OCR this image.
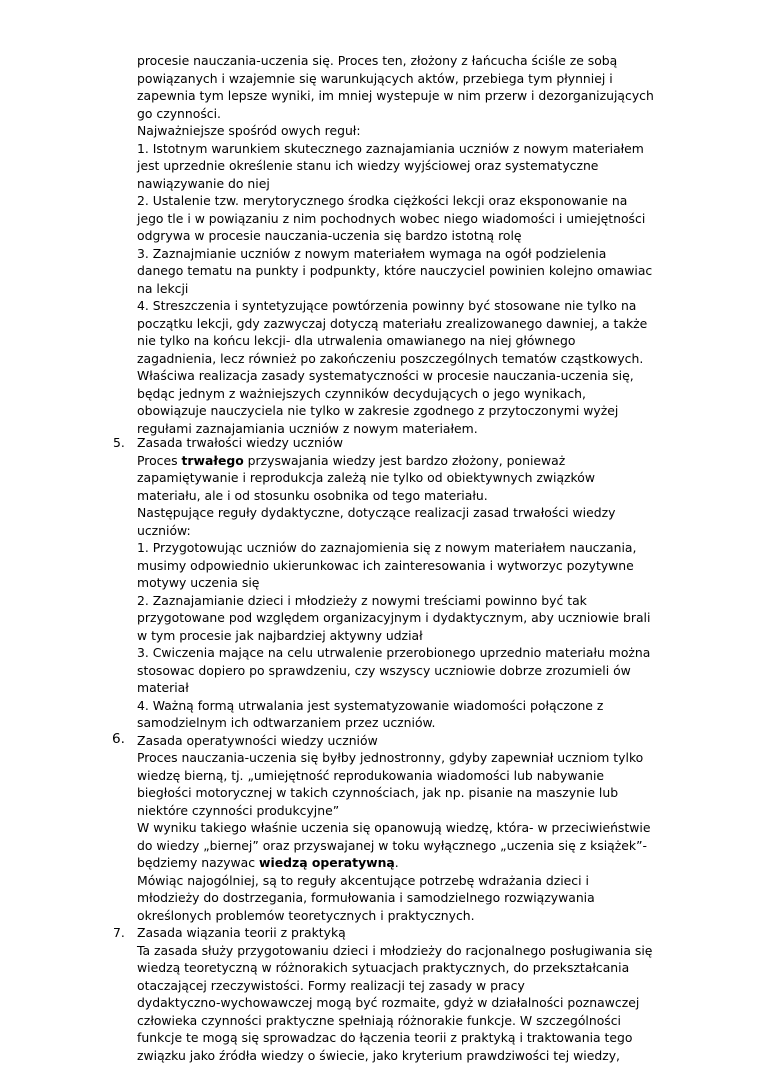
procesie nauczania-uczenia się. Proces ten, złożony z łańcucha ściśle ze sobą
powiązanych i wzajemnie się warunkujących aktów, przebiega tym płynniej i
zapewnia tym lepsze wyniki, im mniej wystepuje w nim przerw i dezorganizujących
go czynności.
Najważniejsze spośród owych reguł:
1. Istotnym warunkiem skutecznego zaznajamiania uczniów z nowym materiałem
jest uprzednie określenie stanu ich wiedzy wyjściowej oraz systematyczne
nawiązywanie do niej
2. Ustalenie tzw. merytorycznego środka ciężkości lekcji oraz eksponowanie na
jego tle i w powiązaniu z nim pochodnych wobec niego wiadomości i umiejętności
odgrywa w procesie nauczania-uczenia się bardzo istotną rolę
3. Zaznajmianie uczniów z nowym materiałem wymaga na ogół podzielenia
danego tematu na punkty i podpunkty, które nauczyciel powinien kolejno omawiac
na lekcji
4. Streszczenia i syntetyzujące powtórzenia powinny być stosowane nie tylko na
początku lekcji, gdy zazwyczaj dotyczą materiału zrealizowanego dawniej, a także
nie tylko na końcu lekcji- dla utrwalenia omawianego na niej głównego
zagadnienia, lecz również po zakończeniu poszczególnych tematów cząstkowych.
Właściwa realizacja zasady systematyczności w procesie nauczania-uczenia się,
będąc jednym z ważniejszych czynników decydujących o jego wynikach,
obowiązuje nauczyciela nie tylko w zakresie zgodnego z przytoczonymi wyżej
regułami zaznajamiania uczniów z nowym materiałem.
5. Zasada trwałości wiedzy uczniów
Proces trwałego przyswajania wiedzy jest bardzo złożony, ponieważ
zapamiętywanie i reprodukcja zależą nie tylko od obiektywnych związków
materiału, ale i od stosunku osobnika od tego materiału.
Następujące reguły dydaktyczne, dotyczące realizacji zasad trwałości wiedzy
uczniów:
1. Przygotowując uczniów do zaznajomienia się z nowym materiałem nauczania,
musimy odpowiednio ukierunkowac ich zainteresowania i wytworzyc pozytywne
motywy uczenia się
2. Zaznajamianie dzieci i młodzieży z nowymi treściami powinno być tak
przygotowane pod względem organizacyjnym i dydaktycznym, aby uczniowie brali
w tym procesie jak najbardziej aktywny udział
3. Cwiczenia mające na celu utrwalenie przerobionego uprzednio materiału można
stosowac dopiero po sprawdzeniu, czy wszyscy uczniowie dobrze zrozumieli ów
materiał
4. Ważną formą utrwalania jest systematyzowanie wiadomości połączone z
samodzielnym ich odtwarzaniem przez uczniów.
6. Zasada operatywności wiedzy uczniów
Proces nauczania-uczenia się byłby jednostronny, gdyby zapewniał uczniom tylko
wiedzę bierną, tj. „umiejętność reprodukowania wiadomości lub nabywanie
biegłości motorycznej w takich czynnościach, jak np. pisanie na maszynie lub
niektóre czynności produkcyjne”
W wyniku takiego właśnie uczenia się opanowują wiedzę, która- w przeciwieństwie
do wiedzy „biernej” oraz przyswajanej w toku wyłącznego „uczenia się z książek”-
będziemy nazywac wiedzą operatywną.
Mówiąc najogólniej, są to reguły akcentujące potrzebę wdrażania dzieci i
młodzieży do dostrzegania, formułowania i samodzielnego rozwiązywania
określonych problemów teoretycznych i praktycznych.
7. Zasada wiązania teorii z praktyką
Ta zasada służy przygotowaniu dzieci i młodzieży do racjonalnego posługiwania się
wiedzą teoretyczną w różnorakich sytuacjach praktycznych, do przekształcania
otaczającej rzeczywistości. Formy realizacji tej zasady w pracy
dydaktyczno-wychowawczej mogą być rozmaite, gdyż w działalności poznawczej
człowieka czynności praktyczne spełniają różnorakie funkcje. W szczególności
funkcje te mogą się sprowadzac do łączenia teorii z praktyką i traktowania tego
związku jako źródła wiedzy o świecie, jako kryterium prawdziwości tej wiedzy,
